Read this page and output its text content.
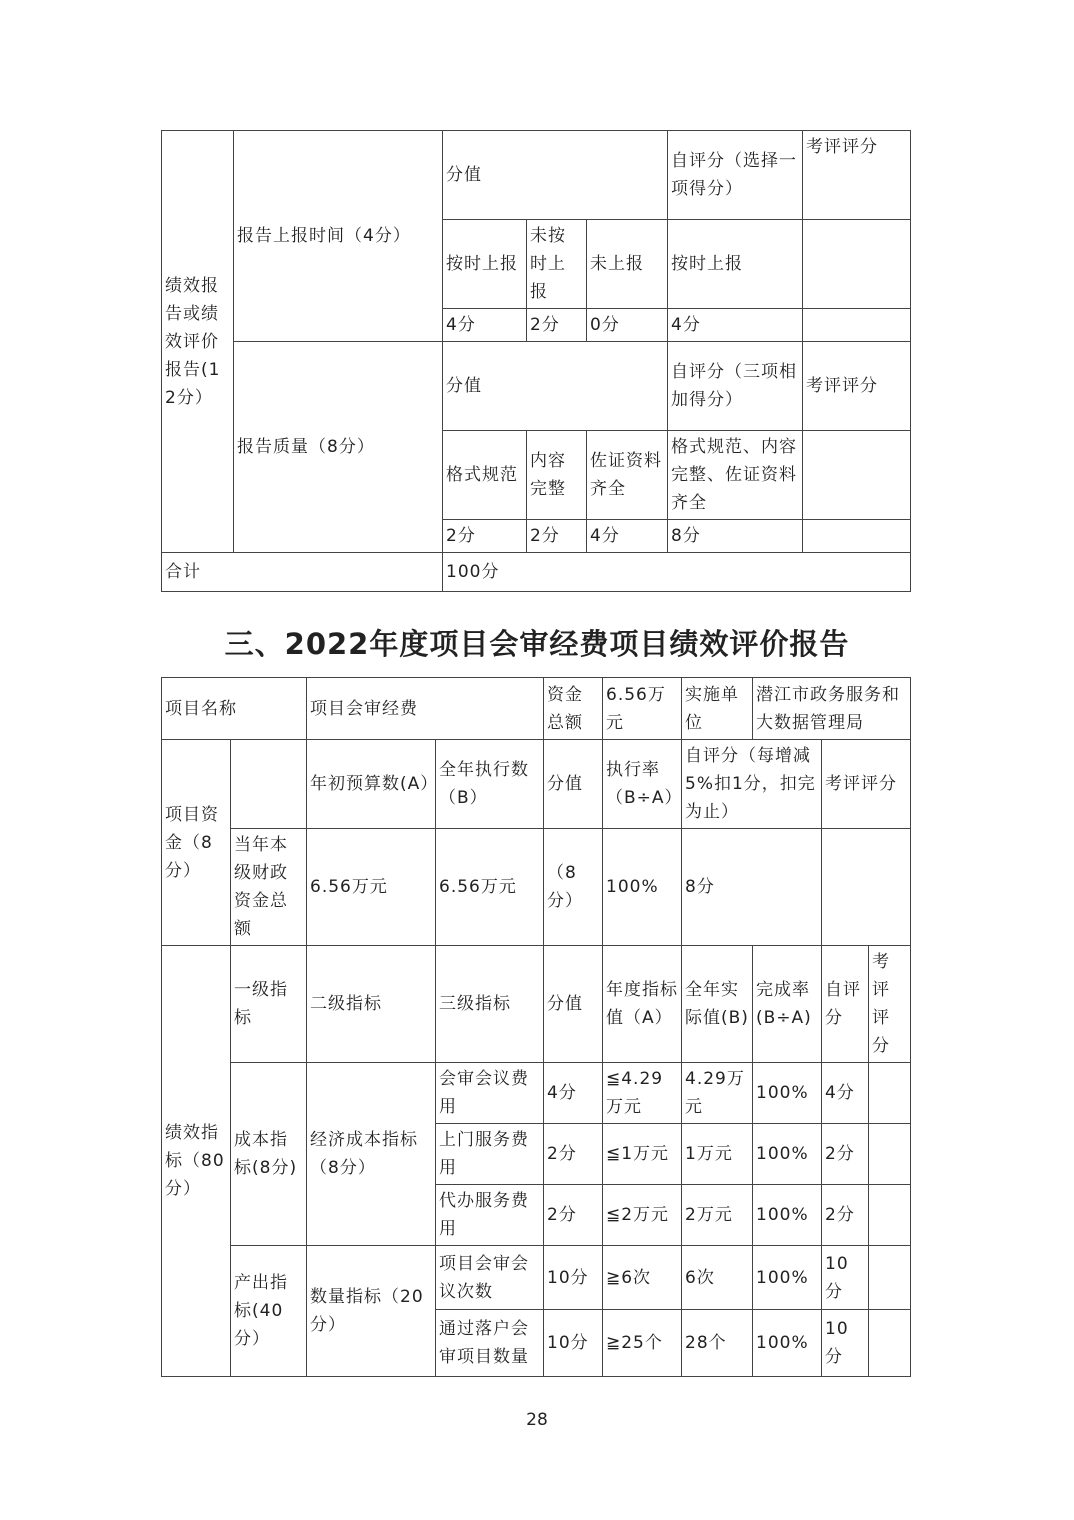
绩效报告或绩效评价报告(12分）	报告上报时间（4分）	分值			自评分（选择一项得分）	考评评分
		按时上报	未按时上报	未上报	按时上报	
		4分	2分	0分	4分	
	报告质量（8分）	分值			自评分（三项相加得分）	考评评分
		格式规范	内容完整	佐证资料齐全	格式规范、内容完整、佐证资料齐全	
		2分	2分	4分	8分	
合计		100分				
三、2022年度项目会审经费项目绩效评价报告
项目名称		项目会审经费		资金总额	6.56万元	实施单位	潜江市政务服务和大数据管理局		
项目资金（8分）		年初预算数(A）	全年执行数（B）	分值	执行率（B÷A）	自评分（每增减5%扣1分，扣完为止）		考评评分	
	当年本级财政资金总额	6.56万元	6.56万元	（8分）	100%	8分			
绩效指标（80分）	一级指标	二级指标	三级指标	分值	年度指标值（A）	全年实际值(B)	完成率(B÷A)	自评分	考评评分
	成本指标(8分)	经济成本指标（8分）	会审会议费用	4分	≦4.29万元	4.29万元	100%	4分	
			上门服务费用	2分	≦1万元	1万元	100%	2分	
			代办服务费用	2分	≦2万元	2万元	100%	2分	
	产出指标(40分）	数量指标（20分）	项目会审会议次数	10分	≧6次	6次	100%	10分	
			通过落户会审项目数量	10分	≧25个	28个	100%	10分	
28
